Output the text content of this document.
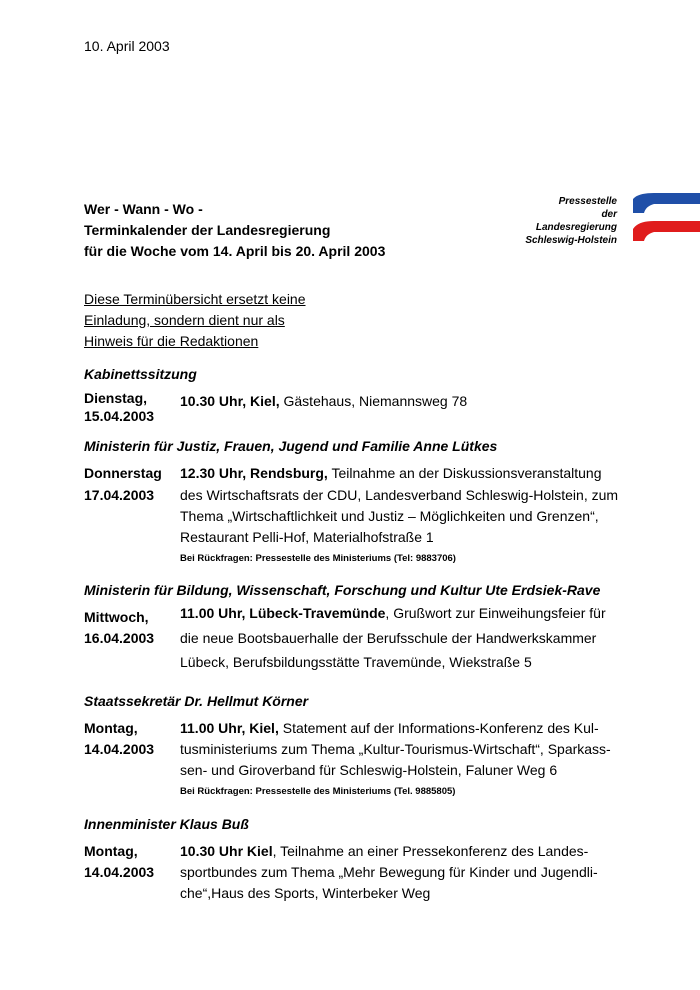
10. April 2003
Wer - Wann - Wo -
Terminkalender der Landesregierung
für die Woche vom 14. April bis 20. April 2003
Pressestelle
der
Landesregierung
Schleswig-Holstein
Diese Terminübersicht ersetzt keine
Einladung, sondern dient nur als
Hinweis für die Redaktionen
Kabinettssitzung
Dienstag,
15.04.2003
10.30 Uhr, Kiel, Gästehaus, Niemannsweg 78
Ministerin für Justiz, Frauen, Jugend und Familie Anne Lütkes
Donnerstag
17.04.2003
12.30 Uhr, Rendsburg, Teilnahme an der Diskussionsveranstaltung
des Wirtschaftsrats der CDU, Landesverband Schleswig-Holstein, zum
Thema „Wirtschaftlichkeit und Justiz – Möglichkeiten und Grenzen“,
Restaurant Pelli-Hof, Materialhofstraße 1
Bei Rückfragen: Pressestelle des Ministeriums (Tel: 9883706)
Ministerin für Bildung, Wissenschaft, Forschung und Kultur Ute Erdsiek-Rave
Mittwoch,
16.04.2003
11.00 Uhr, Lübeck-Travemünde, Grußwort zur Einweihungsfeier für
die neue Bootsbauerhalle der Berufsschule der Handwerkskammer
Lübeck, Berufsbildungsstätte Travemünde, Wiekstraße 5
Staatssekretär Dr. Hellmut Körner
Montag,
14.04.2003
11.00 Uhr, Kiel, Statement auf der Informations-Konferenz des Kul-
tusministeriums zum Thema „Kultur-Tourismus-Wirtschaft“, Sparkass-
sen- und Giroverband für Schleswig-Holstein, Faluner Weg 6
Bei Rückfragen: Pressestelle des Ministeriums (Tel. 9885805)
Innenminister Klaus Buß
Montag,
14.04.2003
10.30 Uhr Kiel, Teilnahme an einer Pressekonferenz des Landes-
sportbundes zum Thema „Mehr Bewegung für Kinder und Jugendli-
che“,Haus des Sports, Winterbeker Weg
